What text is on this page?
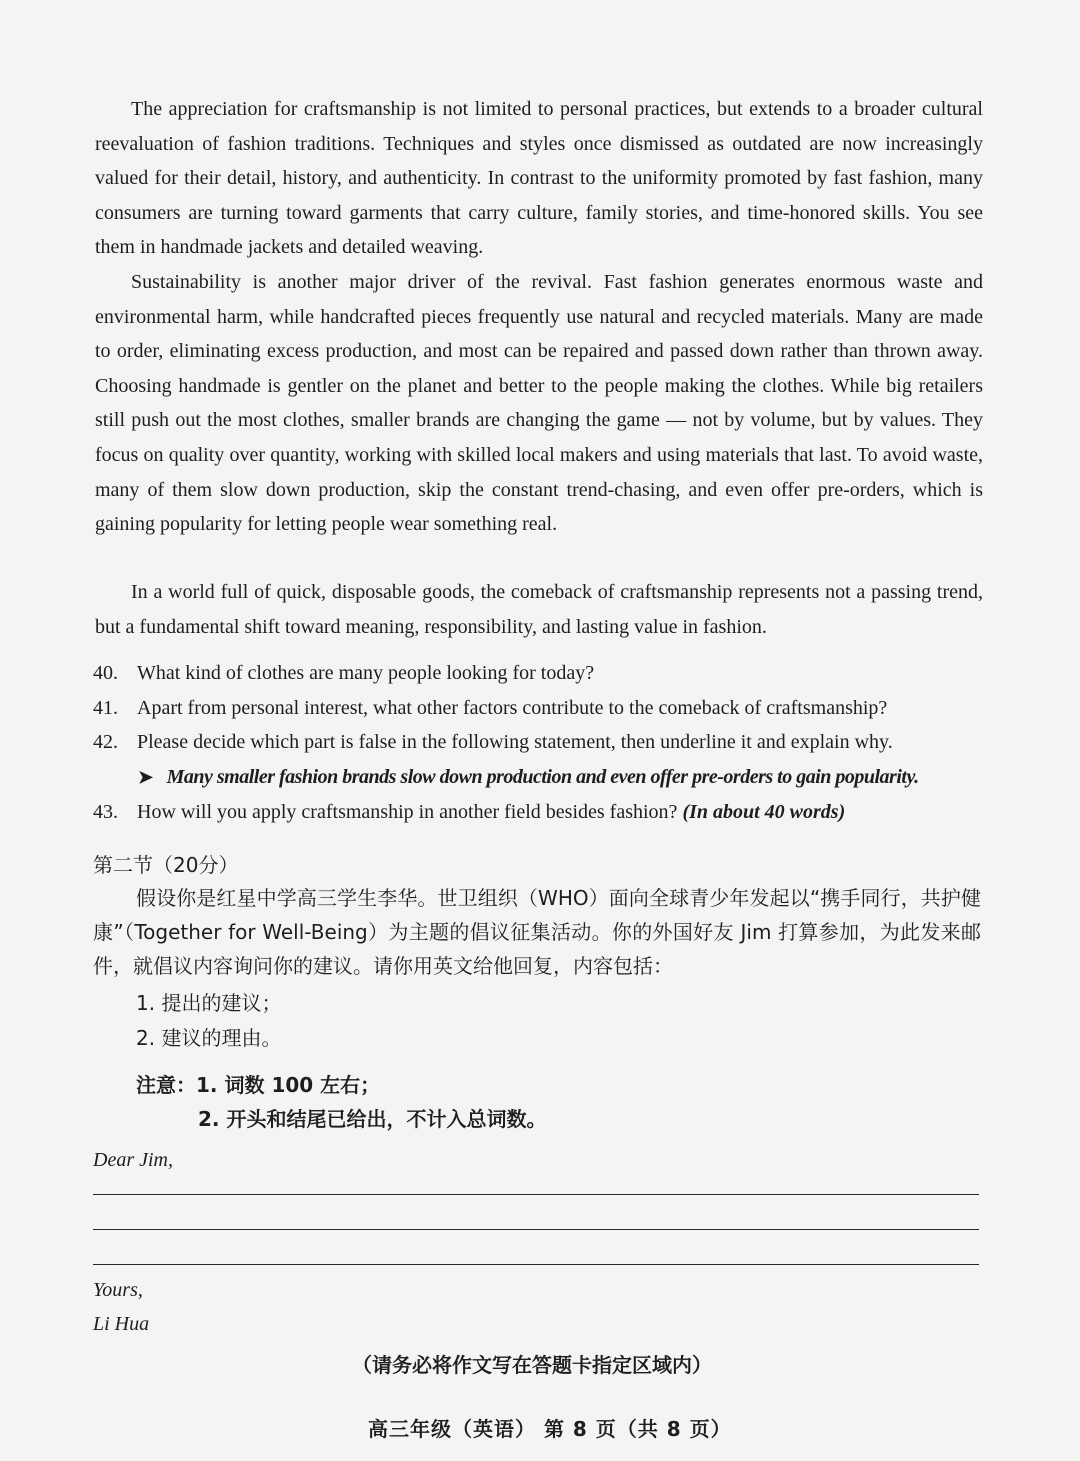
The appreciation for craftsmanship is not limited to personal practices, but extends to a broader cultural reevaluation of fashion traditions. Techniques and styles once dismissed as outdated are now increasingly valued for their detail, history, and authenticity. In contrast to the uniformity promoted by fast fashion, many consumers are turning toward garments that carry culture, family stories, and time-honored skills. You see them in handmade jackets and detailed weaving.

Sustainability is another major driver of the revival. Fast fashion generates enormous waste and environmental harm, while handcrafted pieces frequently use natural and recycled materials. Many are made to order, eliminating excess production, and most can be repaired and passed down rather than thrown away. Choosing handmade is gentler on the planet and better to the people making the clothes. While big retailers still push out the most clothes, smaller brands are changing the game — not by volume, but by values. They focus on quality over quantity, working with skilled local makers and using materials that last. To avoid waste, many of them slow down production, skip the constant trend-chasing, and even offer pre-orders, which is gaining popularity for letting people wear something real.

In a world full of quick, disposable goods, the comeback of craftsmanship represents not a passing trend, but a fundamental shift toward meaning, responsibility, and lasting value in fashion.

40. What kind of clothes are many people looking for today?
41. Apart from personal interest, what other factors contribute to the comeback of craftsmanship?
42. Please decide which part is false in the following statement, then underline it and explain why.
➤ Many smaller fashion brands slow down production and even offer pre-orders to gain popularity.
43. How will you apply craftsmanship in another field besides fashion? (In about 40 words)
第二节（20分）
假设你是红星中学高三学生李华。世卫组织（WHO）面向全球青少年发起以“携手同行，共护健康”（Together for Well-Being）为主题的倡议征集活动。你的外国好友 Jim 打算参加，为此发来邮件，就倡议内容询问你的建议。请你用英文给他回复，内容包括：
1. 提出的建议；
2. 建议的理由。
注意：1. 词数 100 左右；
2. 开头和结尾已给出，不计入总词数。
Dear Jim,
Yours,
Li Hua
（请务必将作文写在答题卡指定区域内）
高三年级（英语） 第 8 页（共 8 页）
